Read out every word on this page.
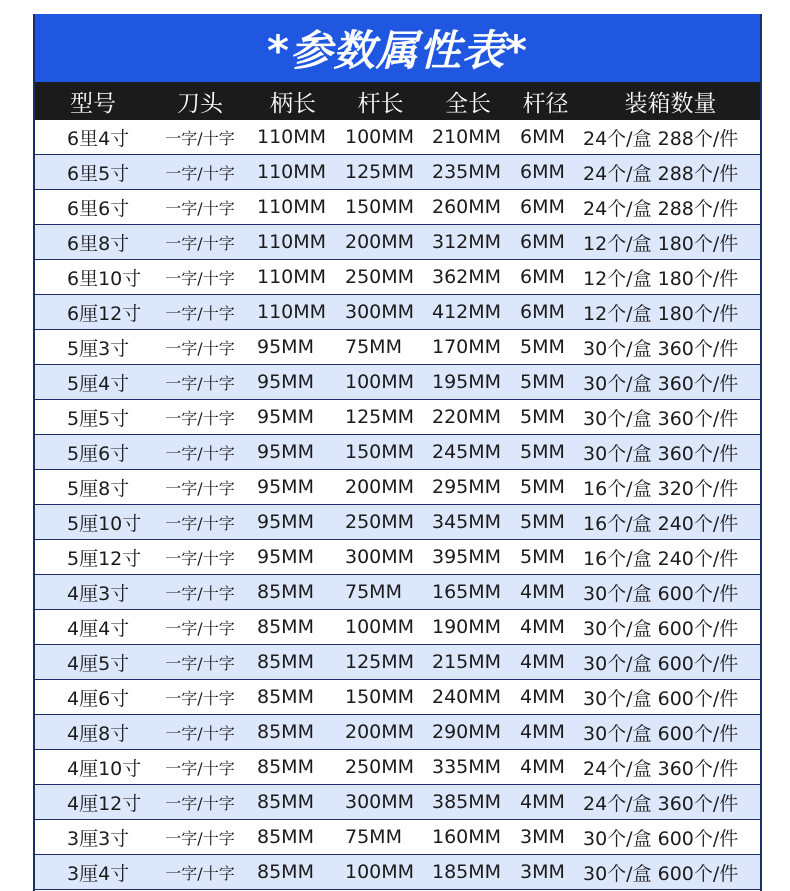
*参数属性表*
型号	刀头	柄长	杆长	全长	杆径	装箱数量
6里4寸	一字/十字	110MM	100MM	210MM	6MM	24个/盒 288个/件
6里5寸	一字/十字	110MM	125MM	235MM	6MM	24个/盒 288个/件
6里6寸	一字/十字	110MM	150MM	260MM	6MM	24个/盒 288个/件
6里8寸	一字/十字	110MM	200MM	312MM	6MM	12个/盒 180个/件
6里10寸	一字/十字	110MM	250MM	362MM	6MM	12个/盒 180个/件
6厘12寸	一字/十字	110MM	300MM	412MM	6MM	12个/盒 180个/件
5厘3寸	一字/十字	95MM	75MM	170MM	5MM	30个/盒 360个/件
5厘4寸	一字/十字	95MM	100MM	195MM	5MM	30个/盒 360个/件
5厘5寸	一字/十字	95MM	125MM	220MM	5MM	30个/盒 360个/件
5厘6寸	一字/十字	95MM	150MM	245MM	5MM	30个/盒 360个/件
5厘8寸	一字/十字	95MM	200MM	295MM	5MM	16个/盒 320个/件
5厘10寸	一字/十字	95MM	250MM	345MM	5MM	16个/盒 240个/件
5厘12寸	一字/十字	95MM	300MM	395MM	5MM	16个/盒 240个/件
4厘3寸	一字/十字	85MM	75MM	165MM	4MM	30个/盒 600个/件
4厘4寸	一字/十字	85MM	100MM	190MM	4MM	30个/盒 600个/件
4厘5寸	一字/十字	85MM	125MM	215MM	4MM	30个/盒 600个/件
4厘6寸	一字/十字	85MM	150MM	240MM	4MM	30个/盒 600个/件
4厘8寸	一字/十字	85MM	200MM	290MM	4MM	30个/盒 600个/件
4厘10寸	一字/十字	85MM	250MM	335MM	4MM	24个/盒 360个/件
4厘12寸	一字/十字	85MM	300MM	385MM	4MM	24个/盒 360个/件
3厘3寸	一字/十字	85MM	75MM	160MM	3MM	30个/盒 600个/件
3厘4寸	一字/十字	85MM	100MM	185MM	3MM	30个/盒 600个/件
